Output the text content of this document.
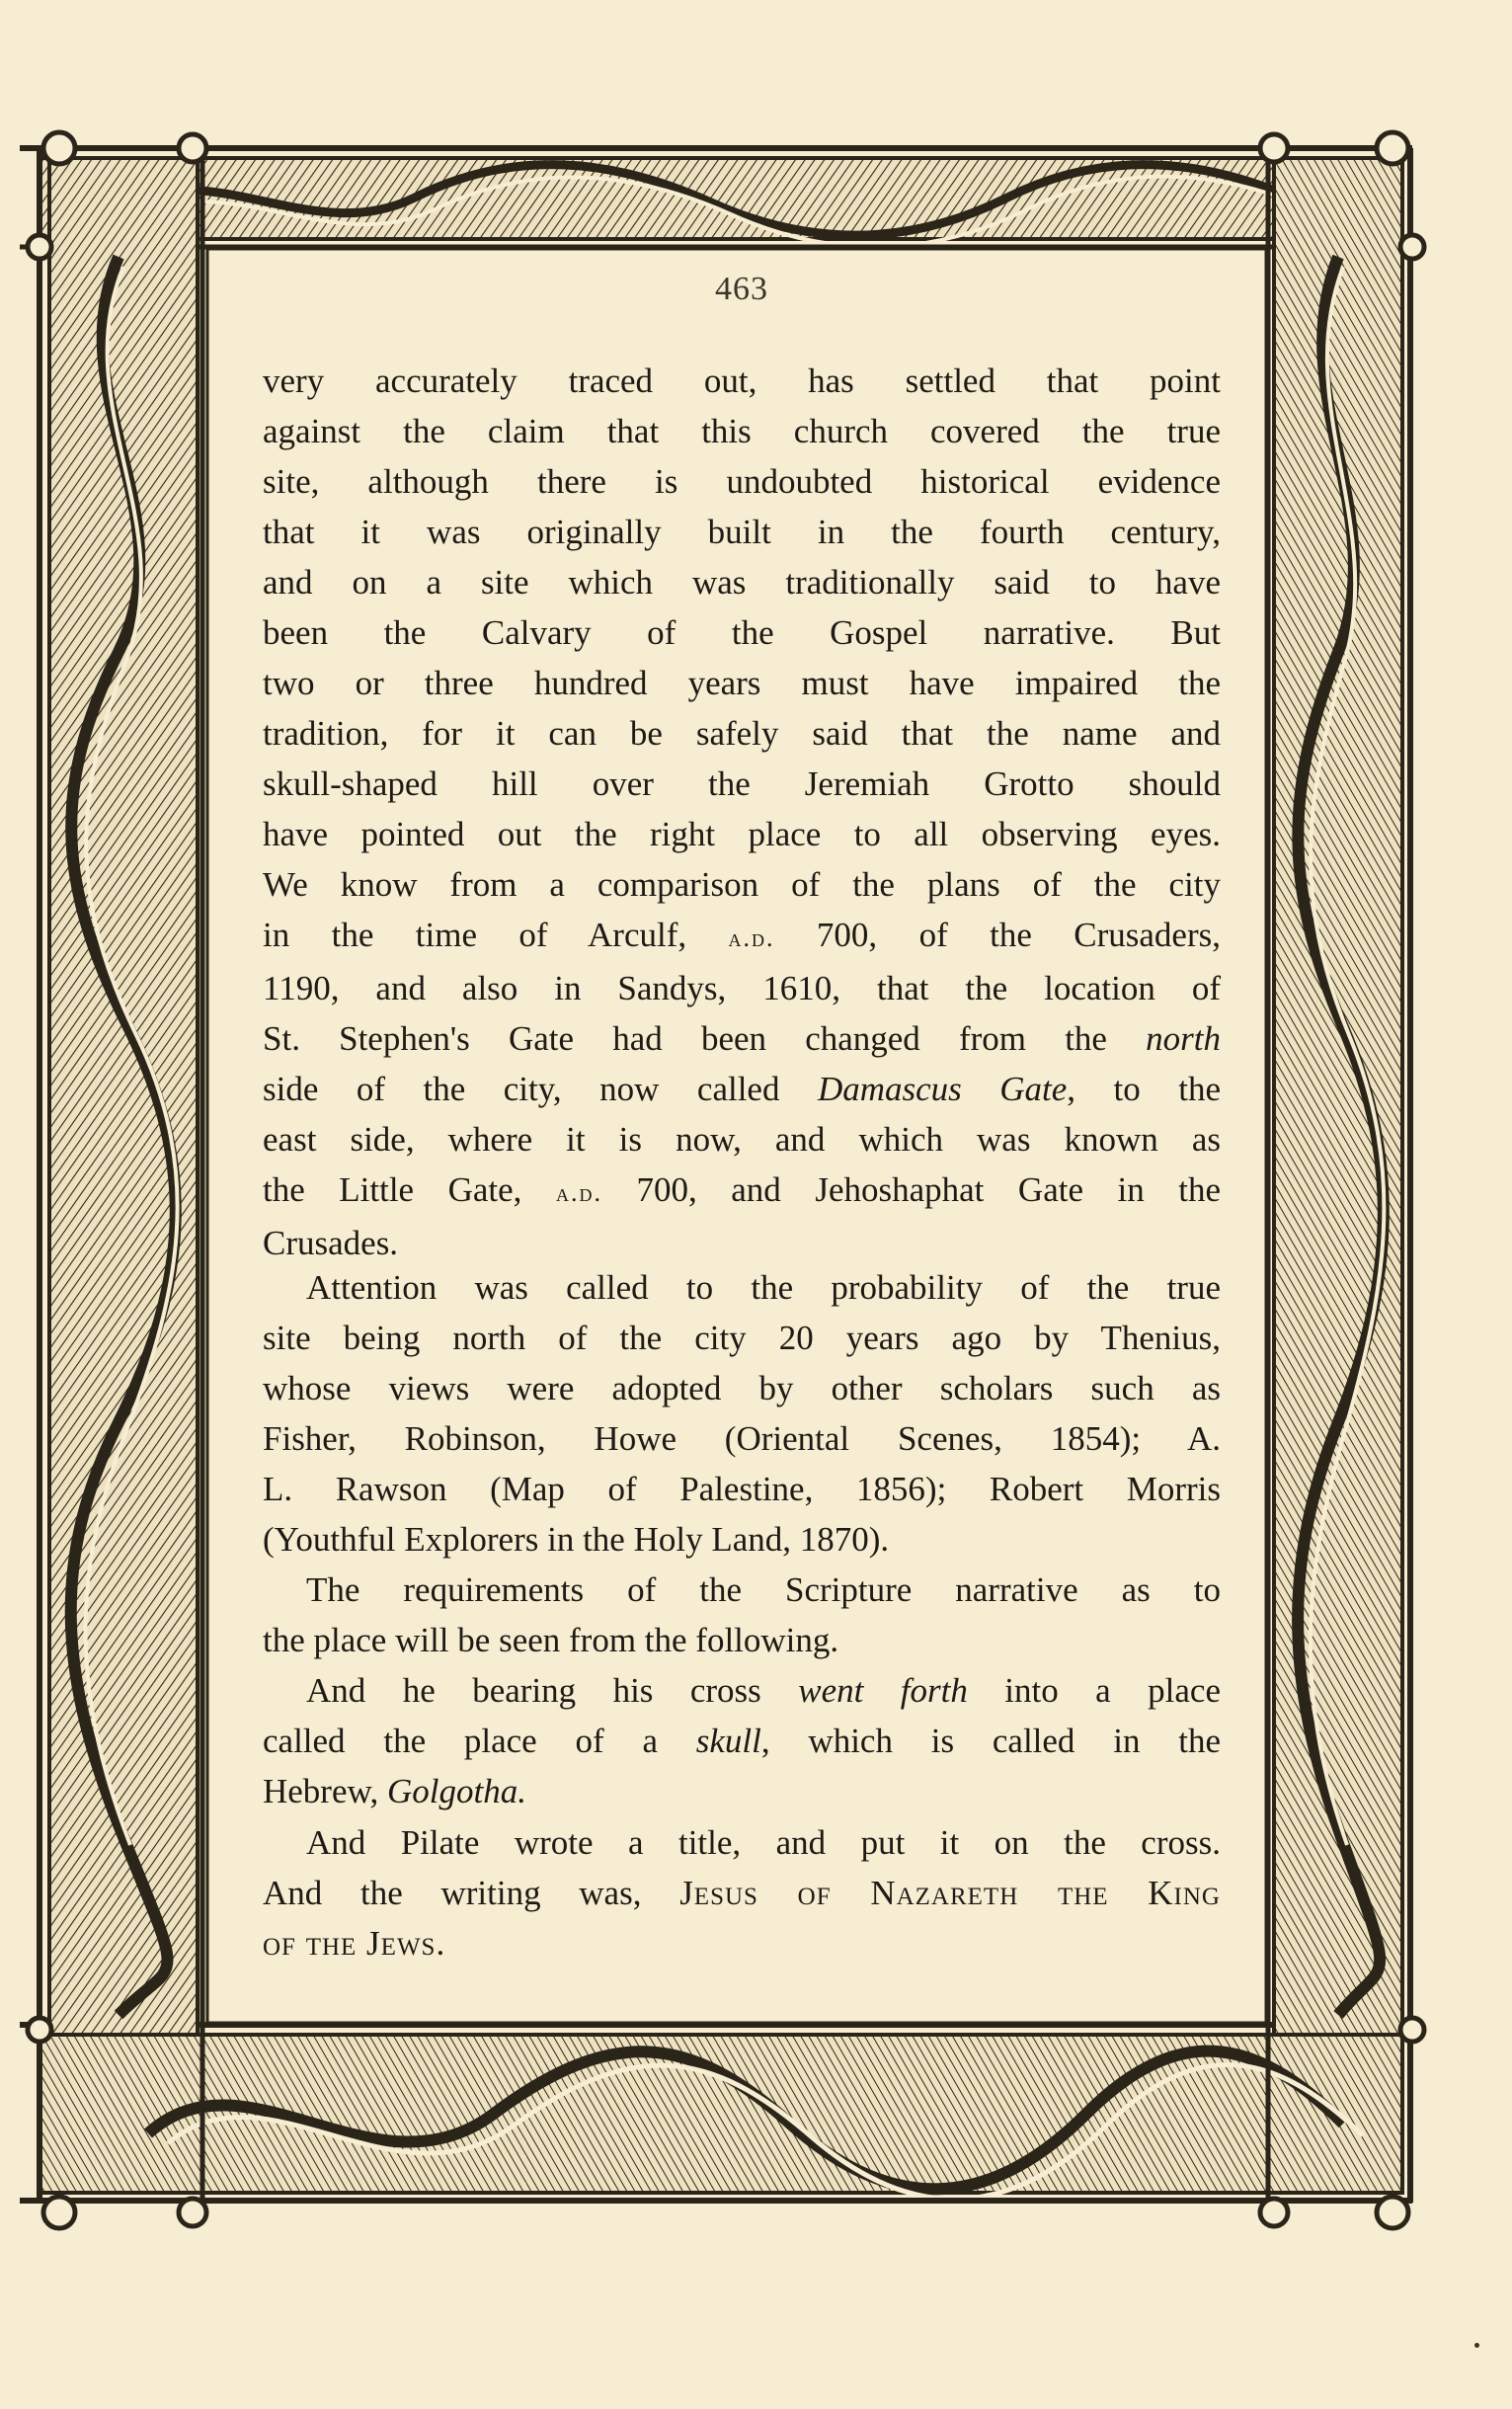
463
very accurately traced out, has settled that point
against the claim that this church covered the true
site, although there is undoubted historical evidence
that it was originally built in the fourth century,
and on a site which was traditionally said to have
been the Calvary of the Gospel narrative. But
two or three hundred years must have impaired the
tradition, for it can be safely said that the name and
skull-shaped hill over the Jeremiah Grotto should
have pointed out the right place to all observing eyes.
We know from a comparison of the plans of the city
in the time of Arculf, a.d. 700, of the Crusaders,
1190, and also in Sandys, 1610, that the location of
St. Stephen's Gate had been changed from the north
side of the city, now called Damascus Gate, to the
east side, where it is now, and which was known as
the Little Gate, a.d. 700, and Jehoshaphat Gate in the
Crusades.
Attention was called to the probability of the true
site being north of the city 20 years ago by Thenius,
whose views were adopted by other scholars such as
Fisher, Robinson, Howe (Oriental Scenes, 1854); A.
L. Rawson (Map of Palestine, 1856); Robert Morris
(Youthful Explorers in the Holy Land, 1870).
The requirements of the Scripture narrative as to
the place will be seen from the following.
And he bearing his cross went forth into a place
called the place of a skull, which is called in the
Hebrew, Golgotha.
And Pilate wrote a title, and put it on the cross.
And the writing was, Jesus of Nazareth the King
of the Jews.
